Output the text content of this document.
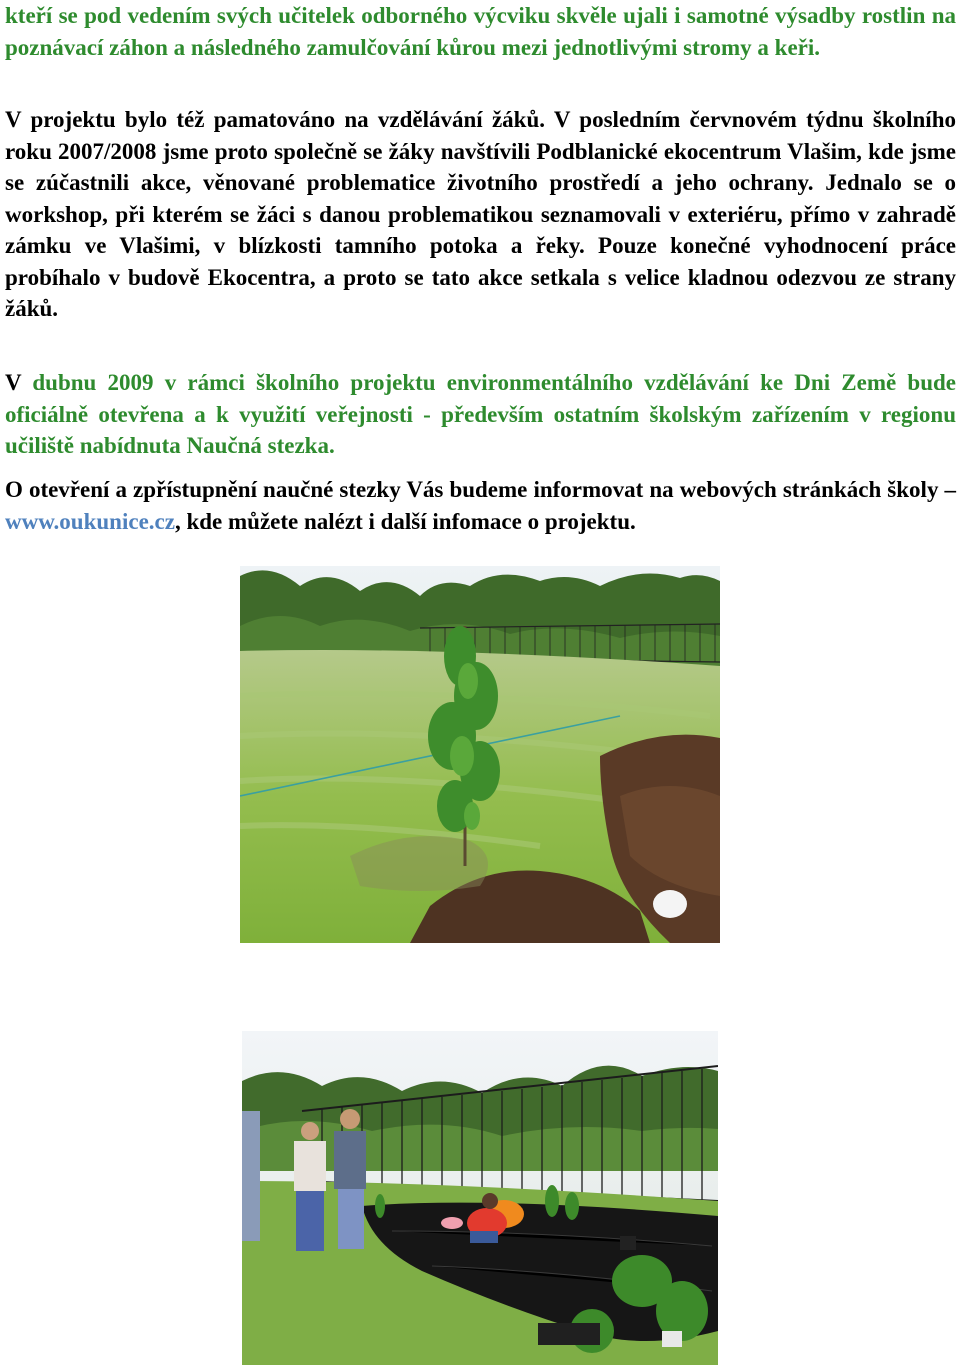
kteří se pod vedením svých učitelek odborného výcviku skvěle ujali i samotné výsadby rostlin na poznávací záhon a následného zamulčování kůrou mezi jednotlivými stromy a keři.

V projektu bylo též pamatováno na vzdělávání žáků. V posledním červnovém týdnu školního roku 2007/2008 jsme proto společně se žáky navštívili Podblanické ekocentrum Vlašim, kde jsme se zúčastnili akce, věnované problematice životního prostředí a jeho ochrany. Jednalo se o workshop, při kterém se žáci s danou problematikou seznamovali v exteriéru, přímo v zahradě zámku ve Vlašimi, v blízkosti tamního potoka a řeky. Pouze konečné vyhodnocení práce probíhalo v budově Ekocentra, a proto se tato akce setkala s velice kladnou odezvou ze strany žáků.

V dubnu 2009 v rámci školního projektu environmentálního vzdělávání ke Dni Země bude oficiálně otevřena a k využití veřejnosti - především ostatním školským zařízením v regionu učiliště nabídnuta Naučná stezka.

O otevření a zpřístupnění naučné stezky Vás budeme informovat na webových stránkách školy – www.oukunice.cz, kde můžete nalézt i další infomace o projektu.
